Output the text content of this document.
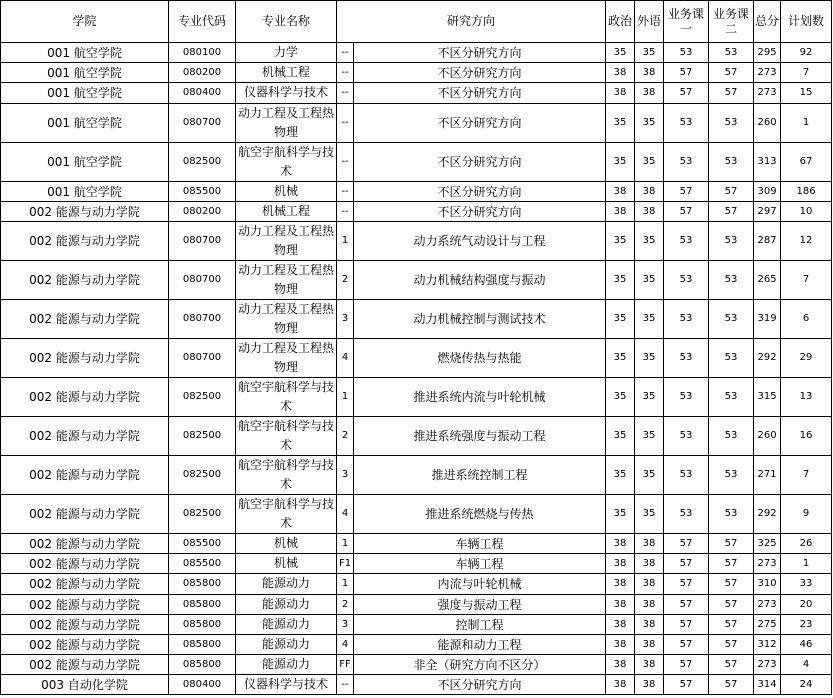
学院	专业代码	专业名称	研究方向		政治	外语	业务课一	业务课二	总分	计划数
001 航空学院	080100	力学	--	不区分研究方向	35	35	53	53	295	92
001 航空学院	080200	机械工程	--	不区分研究方向	38	38	57	57	273	7
001 航空学院	080400	仪器科学与技术	--	不区分研究方向	38	38	57	57	273	15
001 航空学院	080700	动力工程及工程热物理	--	不区分研究方向	35	35	53	53	260	1
001 航空学院	082500	航空宇航科学与技术	--	不区分研究方向	35	35	53	53	313	67
001 航空学院	085500	机械	--	不区分研究方向	38	38	57	57	309	186
002 能源与动力学院	080200	机械工程	--	不区分研究方向	38	38	57	57	297	10
002 能源与动力学院	080700	动力工程及工程热物理	1	动力系统气动设计与工程	35	35	53	53	287	12
002 能源与动力学院	080700	动力工程及工程热物理	2	动力机械结构强度与振动	35	35	53	53	265	7
002 能源与动力学院	080700	动力工程及工程热物理	3	动力机械控制与测试技术	35	35	53	53	319	6
002 能源与动力学院	080700	动力工程及工程热物理	4	燃烧传热与热能	35	35	53	53	292	29
002 能源与动力学院	082500	航空宇航科学与技术	1	推进系统内流与叶轮机械	35	35	53	53	315	13
002 能源与动力学院	082500	航空宇航科学与技术	2	推进系统强度与振动工程	35	35	53	53	260	16
002 能源与动力学院	082500	航空宇航科学与技术	3	推进系统控制工程	35	35	53	53	271	7
002 能源与动力学院	082500	航空宇航科学与技术	4	推进系统燃烧与传热	35	35	53	53	292	9
002 能源与动力学院	085500	机械	1	车辆工程	38	38	57	57	325	26
002 能源与动力学院	085500	机械	F1	车辆工程	38	38	57	57	273	1
002 能源与动力学院	085800	能源动力	1	内流与叶轮机械	38	38	57	57	310	33
002 能源与动力学院	085800	能源动力	2	强度与振动工程	38	38	57	57	273	20
002 能源与动力学院	085800	能源动力	3	控制工程	38	38	57	57	275	23
002 能源与动力学院	085800	能源动力	4	能源和动力工程	38	38	57	57	312	46
002 能源与动力学院	085800	能源动力	FF	非全（研究方向不区分）	38	38	57	57	273	4
003 自动化学院	080400	仪器科学与技术	--	不区分研究方向	38	38	57	57	314	24
